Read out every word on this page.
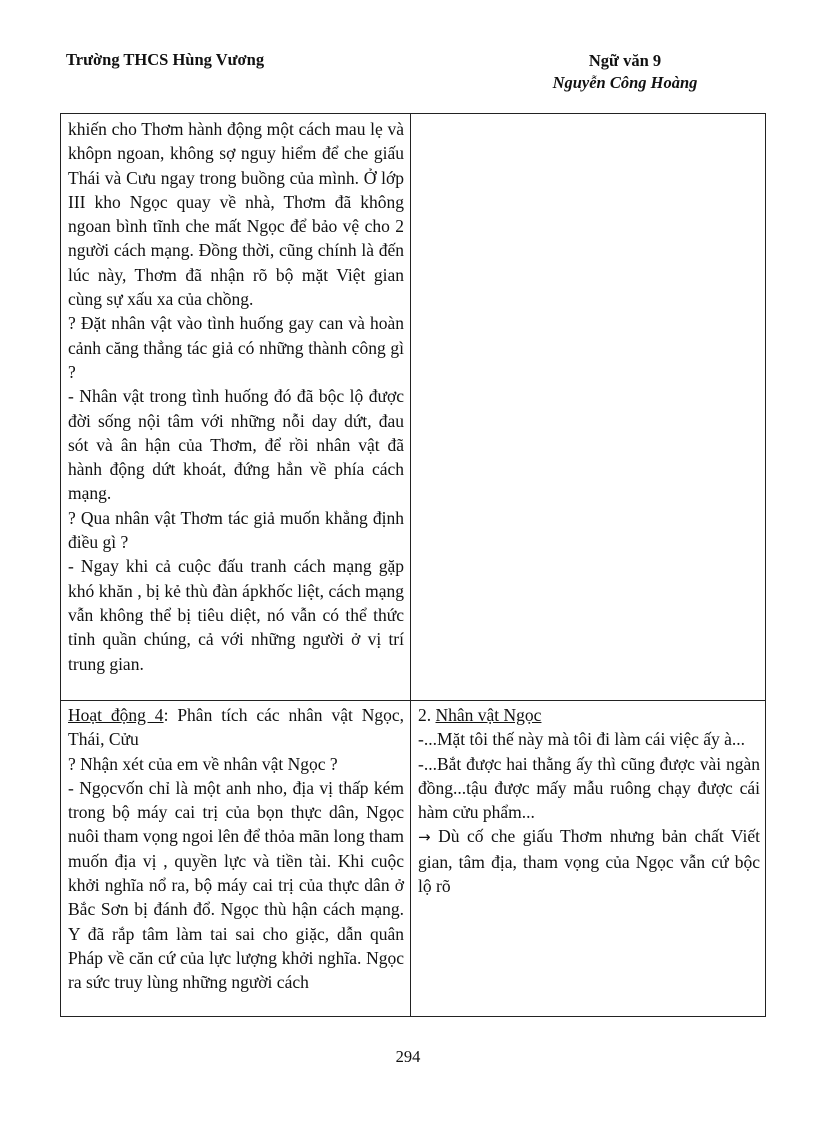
Trường THCS Hùng Vương	Ngữ văn 9
Nguyễn Công Hoàng

khiến cho Thơm hành động một cách mau lẹ và khôpn ngoan, không sợ nguy hiểm để che giấu Thái và Cưu ngay trong buồng của mình. Ở lớp III kho Ngọc quay về nhà, Thơm đã không ngoan bình tĩnh che mất Ngọc để bảo vệ cho 2 người cách mạng. Đồng thời, cũng chính là đến lúc này, Thơm đã nhận rõ bộ mặt Việt gian cùng sự xấu xa của chồng.

? Đặt nhân vật vào tình huống gay can và hoàn cảnh căng thẳng tác giả có những thành công gì ?

- Nhân vật trong tình huống đó đã bộc lộ được đời sống nội tâm với những nỗi day dứt, đau sót và ân hận của Thơm, để rồi nhân vật đã hành động dứt khoát, đứng hẳn về phía cách mạng.

? Qua nhân vật Thơm tác giả muốn khẳng định điều gì ?

- Ngay khi cả cuộc đấu tranh cách mạng gặp khó khăn , bị kẻ thù đàn ápkhốc liệt, cách mạng vẫn không thể bị tiêu diệt, nó vẫn có thể thức tỉnh quần chúng, cả với những người ở vị trí trung gian.

Hoạt động 4: Phân tích các nhân vật Ngọc, Thái, Cửu

? Nhận xét của em về nhân vật Ngọc ?

- Ngọcvốn chỉ là một anh nho, địa vị thấp kém trong bộ máy cai trị của bọn thực dân, Ngọc nuôi tham vọng ngoi lên để thỏa mãn long tham muốn địa vị , quyền lực và tiền tài. Khi cuộc khởi nghĩa nổ ra, bộ máy cai trị của thực dân ở Bắc Sơn bị đánh đổ. Ngọc thù hận cách mạng. Y đã rắp tâm làm tai sai cho giặc, dẫn quân Pháp về căn cứ của lực lượng khởi nghĩa. Ngọc ra sức truy lùng những người cách

2. Nhân vật Ngọc

-...Mặt tôi thế này mà tôi đi làm cái việc ấy à...

-...Bắt được hai thằng ấy thì cũng được vài ngàn đồng...tậu được mấy mẫu ruông chạy được cái hàm cửu phẩm...

→ Dù cố che giấu Thơm nhưng bản chất Viết gian, tâm địa, tham vọng của Ngọc vẫn cứ bộc lộ rõ

294
